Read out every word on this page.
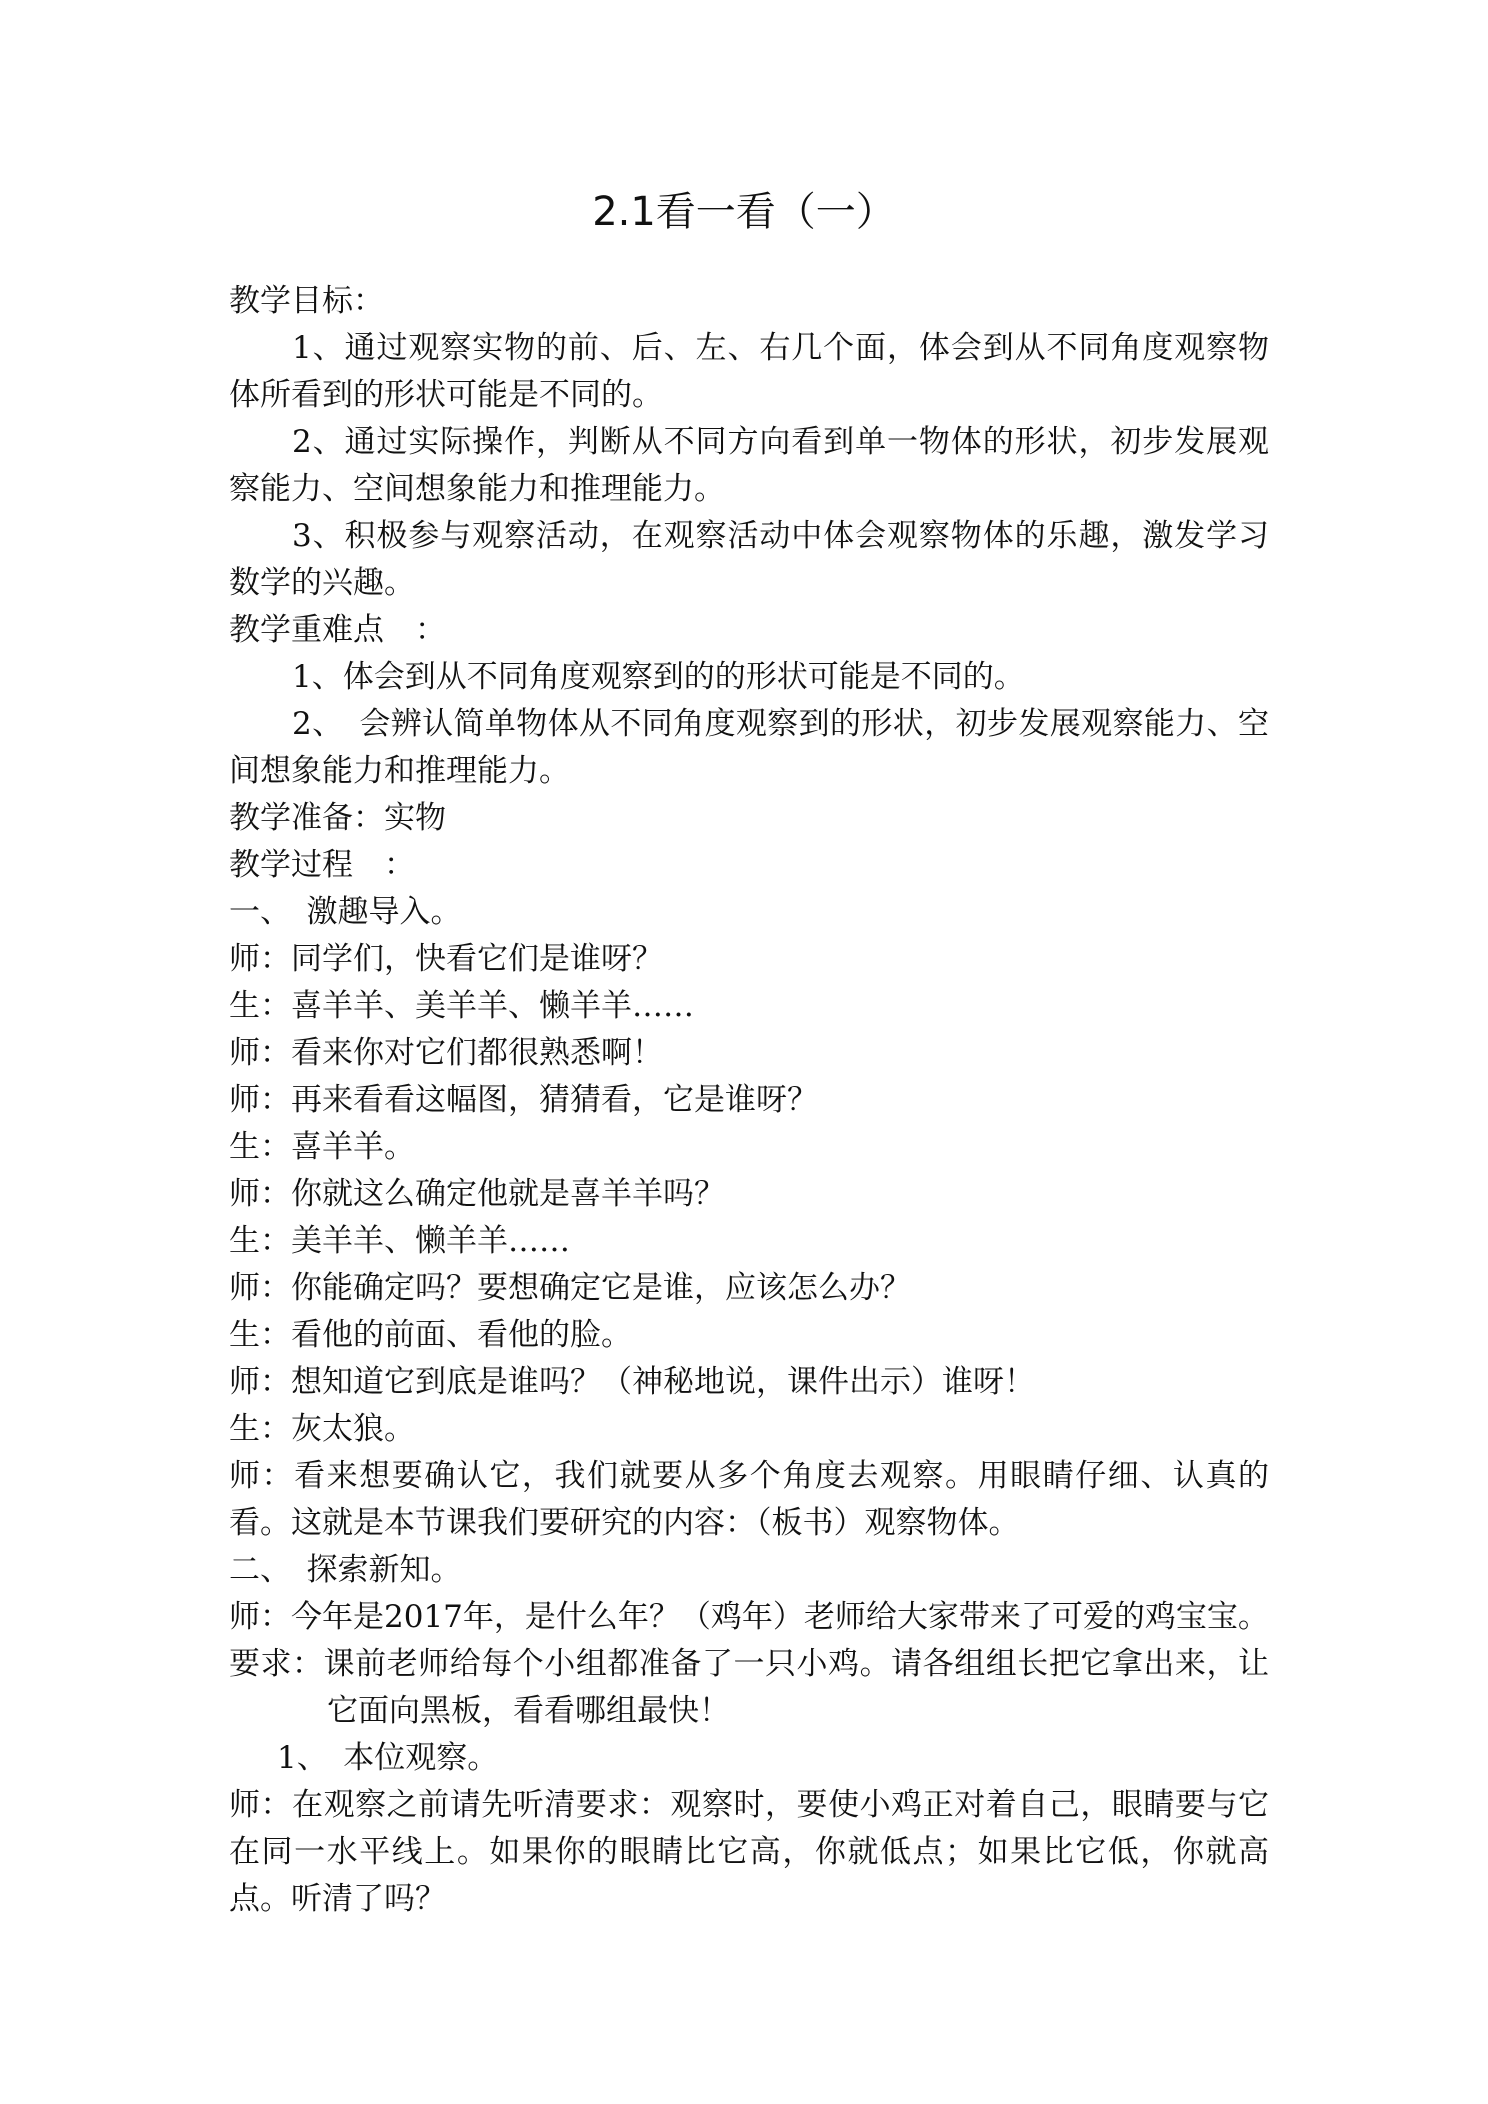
2.1看一看（一）

教学目标：

1、通过观察实物的前、后、左、右几个面，体会到从不同角度观察物体所看到的形状可能是不同的。

2、通过实际操作，判断从不同方向看到单一物体的形状，初步发展观察能力、空间想象能力和推理能力。

3、积极参与观察活动，在观察活动中体会观察物体的乐趣，激发学习数学的兴趣。

教学重难点　：

1、体会到从不同角度观察到的的形状可能是不同的。

2、　会辨认简单物体从不同角度观察到的形状，初步发展观察能力、空间想象能力和推理能力。

教学准备：实物

教学过程　：

一、　激趣导入。

师：同学们，快看它们是谁呀？

生：喜羊羊、美羊羊、懒羊羊……

师：看来你对它们都很熟悉啊！

师：再来看看这幅图，猜猜看，它是谁呀？

生：喜羊羊。

师：你就这么确定他就是喜羊羊吗？

生：美羊羊、懒羊羊……

师：你能确定吗？要想确定它是谁，应该怎么办？

生：看他的前面、看他的脸。

师：想知道它到底是谁吗？（神秘地说，课件出示）谁呀！

生：灰太狼。

师：看来想要确认它，我们就要从多个角度去观察。用眼睛仔细、认真的看。这就是本节课我们要研究的内容：（板书）观察物体。

二、　探索新知。

师：今年是2017年，是什么年？（鸡年）老师给大家带来了可爱的鸡宝宝。

要求：课前老师给每个小组都准备了一只小鸡。请各组组长把它拿出来，让它面向黑板，看看哪组最快！

1、　本位观察。

师：在观察之前请先听清要求：观察时，要使小鸡正对着自己，眼睛要与它在同一水平线上。如果你的眼睛比它高，你就低点；如果比它低，你就高点。听清了吗？
